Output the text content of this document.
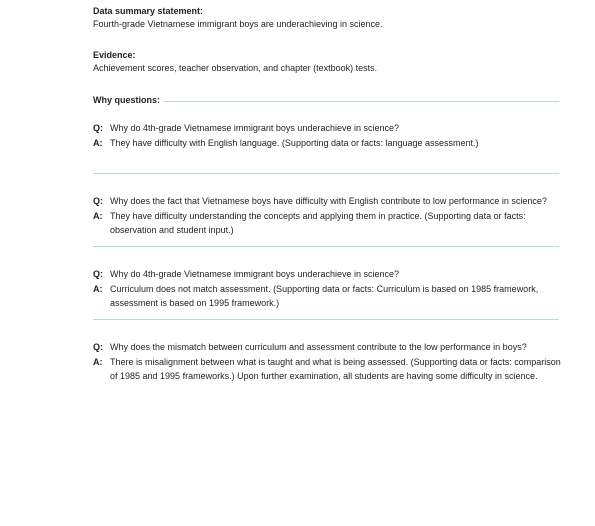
Data summary statement:
Fourth-grade Vietnamese immigrant boys are underachieving in science.
Evidence:
Achievement scores, teacher observation, and chapter (textbook) tests.
Why questions:
Q: Why do 4th-grade Vietnamese immigrant boys underachieve in science?
A: They have difficulty with English language. (Supporting data or facts: language assessment.)
Q: Why does the fact that Vietnamese boys have difficulty with English contribute to low performance in science?
A: They have difficulty understanding the concepts and applying them in practice. (Supporting data or facts: observation and student input.)
Q: Why do 4th-grade Vietnamese immigrant boys underachieve in science?
A: Curriculum does not match assessment. (Supporting data or facts: Curriculum is based on 1985 framework, assessment is based on 1995 framework.)
Q: Why does the mismatch between curriculum and assessment contribute to the low performance in boys?
A: There is misalignment between what is taught and what is being assessed. (Supporting data or facts: comparison of 1985 and 1995 frameworks.) Upon further examination, all students are having some difficulty in science.
